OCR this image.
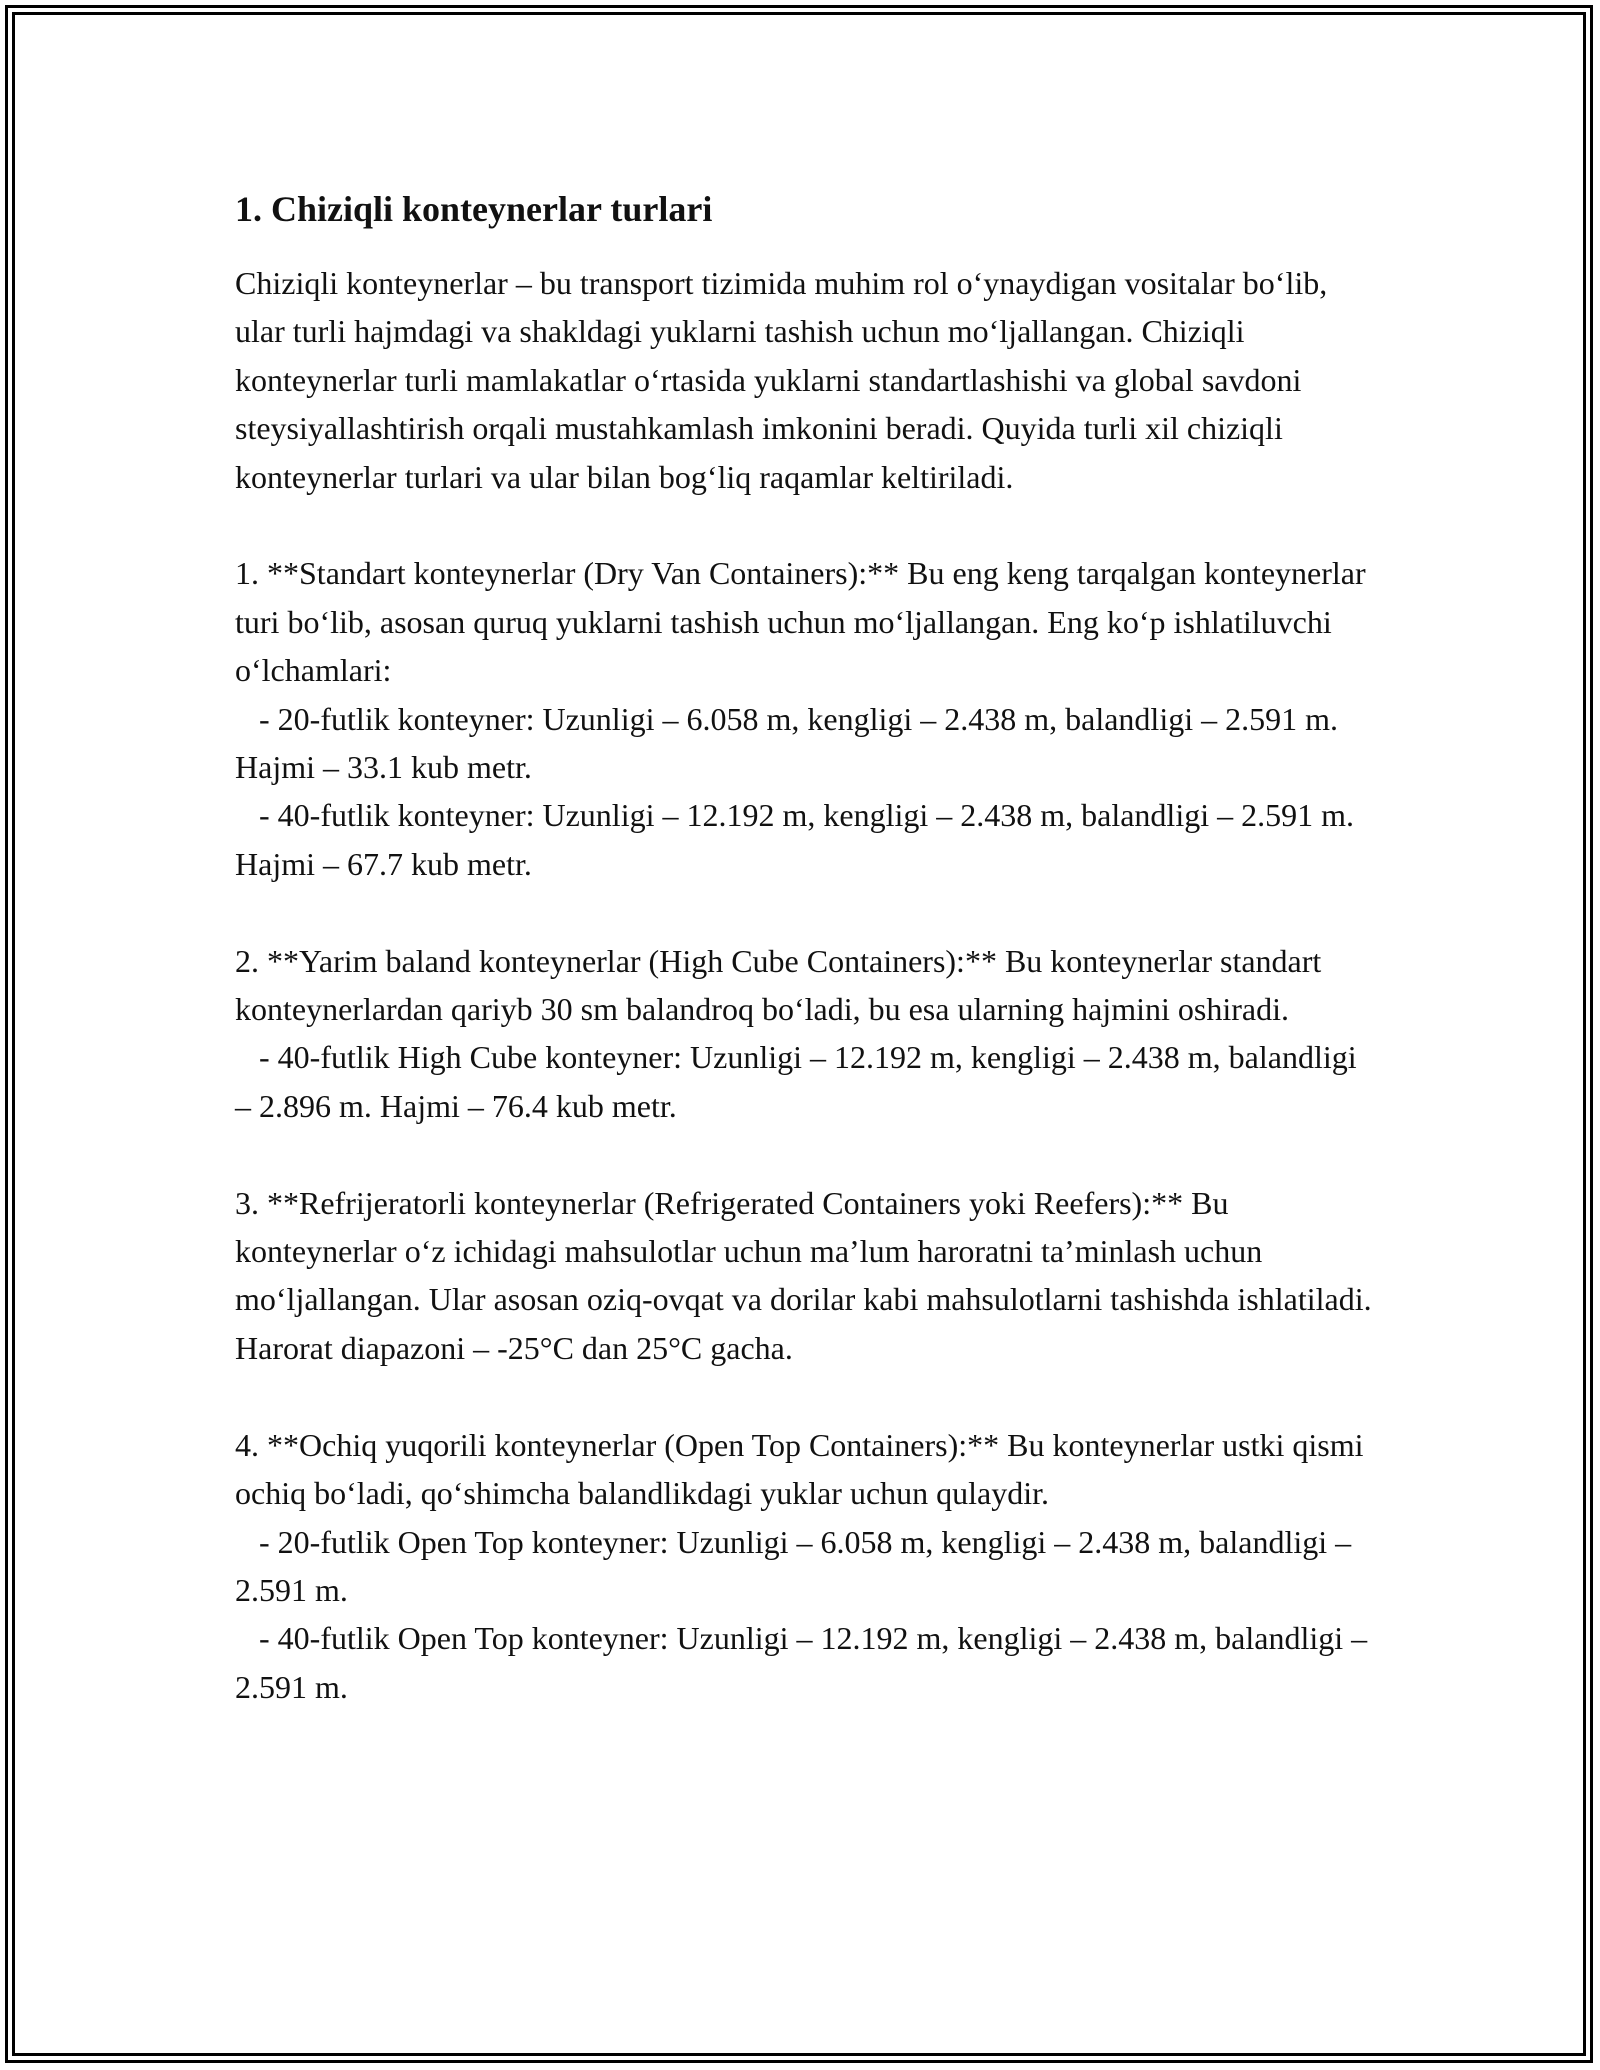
1. Chiziqli konteynerlar turlari

Chiziqli konteynerlar – bu transport tizimida muhim rol o‘ynaydigan vositalar bo‘lib, ular turli hajmdagi va shakldagi yuklarni tashish uchun mo‘ljallangan. Chiziqli konteynerlar turli mamlakatlar o‘rtasida yuklarni standartlashishi va global savdoni steysiyallashtirish orqali mustahkamlash imkonini beradi. Quyida turli xil chiziqli konteynerlar turlari va ular bilan bog‘liq raqamlar keltiriladi.

1. **Standart konteynerlar (Dry Van Containers):** Bu eng keng tarqalgan konteynerlar turi bo‘lib, asosan quruq yuklarni tashish uchun mo‘ljallangan. Eng ko‘p ishlatiluvchi o‘lchamlari:

- 20-futlik konteyner: Uzunligi – 6.058 m, kengligi – 2.438 m, balandligi – 2.591 m. Hajmi – 33.1 kub metr.

- 40-futlik konteyner: Uzunligi – 12.192 m, kengligi – 2.438 m, balandligi – 2.591 m. Hajmi – 67.7 kub metr.

2. **Yarim baland konteynerlar (High Cube Containers):** Bu konteynerlar standart konteynerlardan qariyb 30 sm balandroq bo‘ladi, bu esa ularning hajmini oshiradi.

- 40-futlik High Cube konteyner: Uzunligi – 12.192 m, kengligi – 2.438 m, balandligi – 2.896 m. Hajmi – 76.4 kub metr.

3. **Refrijeratorli konteynerlar (Refrigerated Containers yoki Reefers):** Bu konteynerlar o‘z ichidagi mahsulotlar uchun ma’lum haroratni ta’minlash uchun mo‘ljallangan. Ular asosan oziq-ovqat va dorilar kabi mahsulotlarni tashishda ishlatiladi. Harorat diapazoni – -25°C dan 25°C gacha.

4. **Ochiq yuqorili konteynerlar (Open Top Containers):** Bu konteynerlar ustki qismi ochiq bo‘ladi, qo‘shimcha balandlikdagi yuklar uchun qulaydir.

- 20-futlik Open Top konteyner: Uzunligi – 6.058 m, kengligi – 2.438 m, balandligi – 2.591 m.

- 40-futlik Open Top konteyner: Uzunligi – 12.192 m, kengligi – 2.438 m, balandligi – 2.591 m.
